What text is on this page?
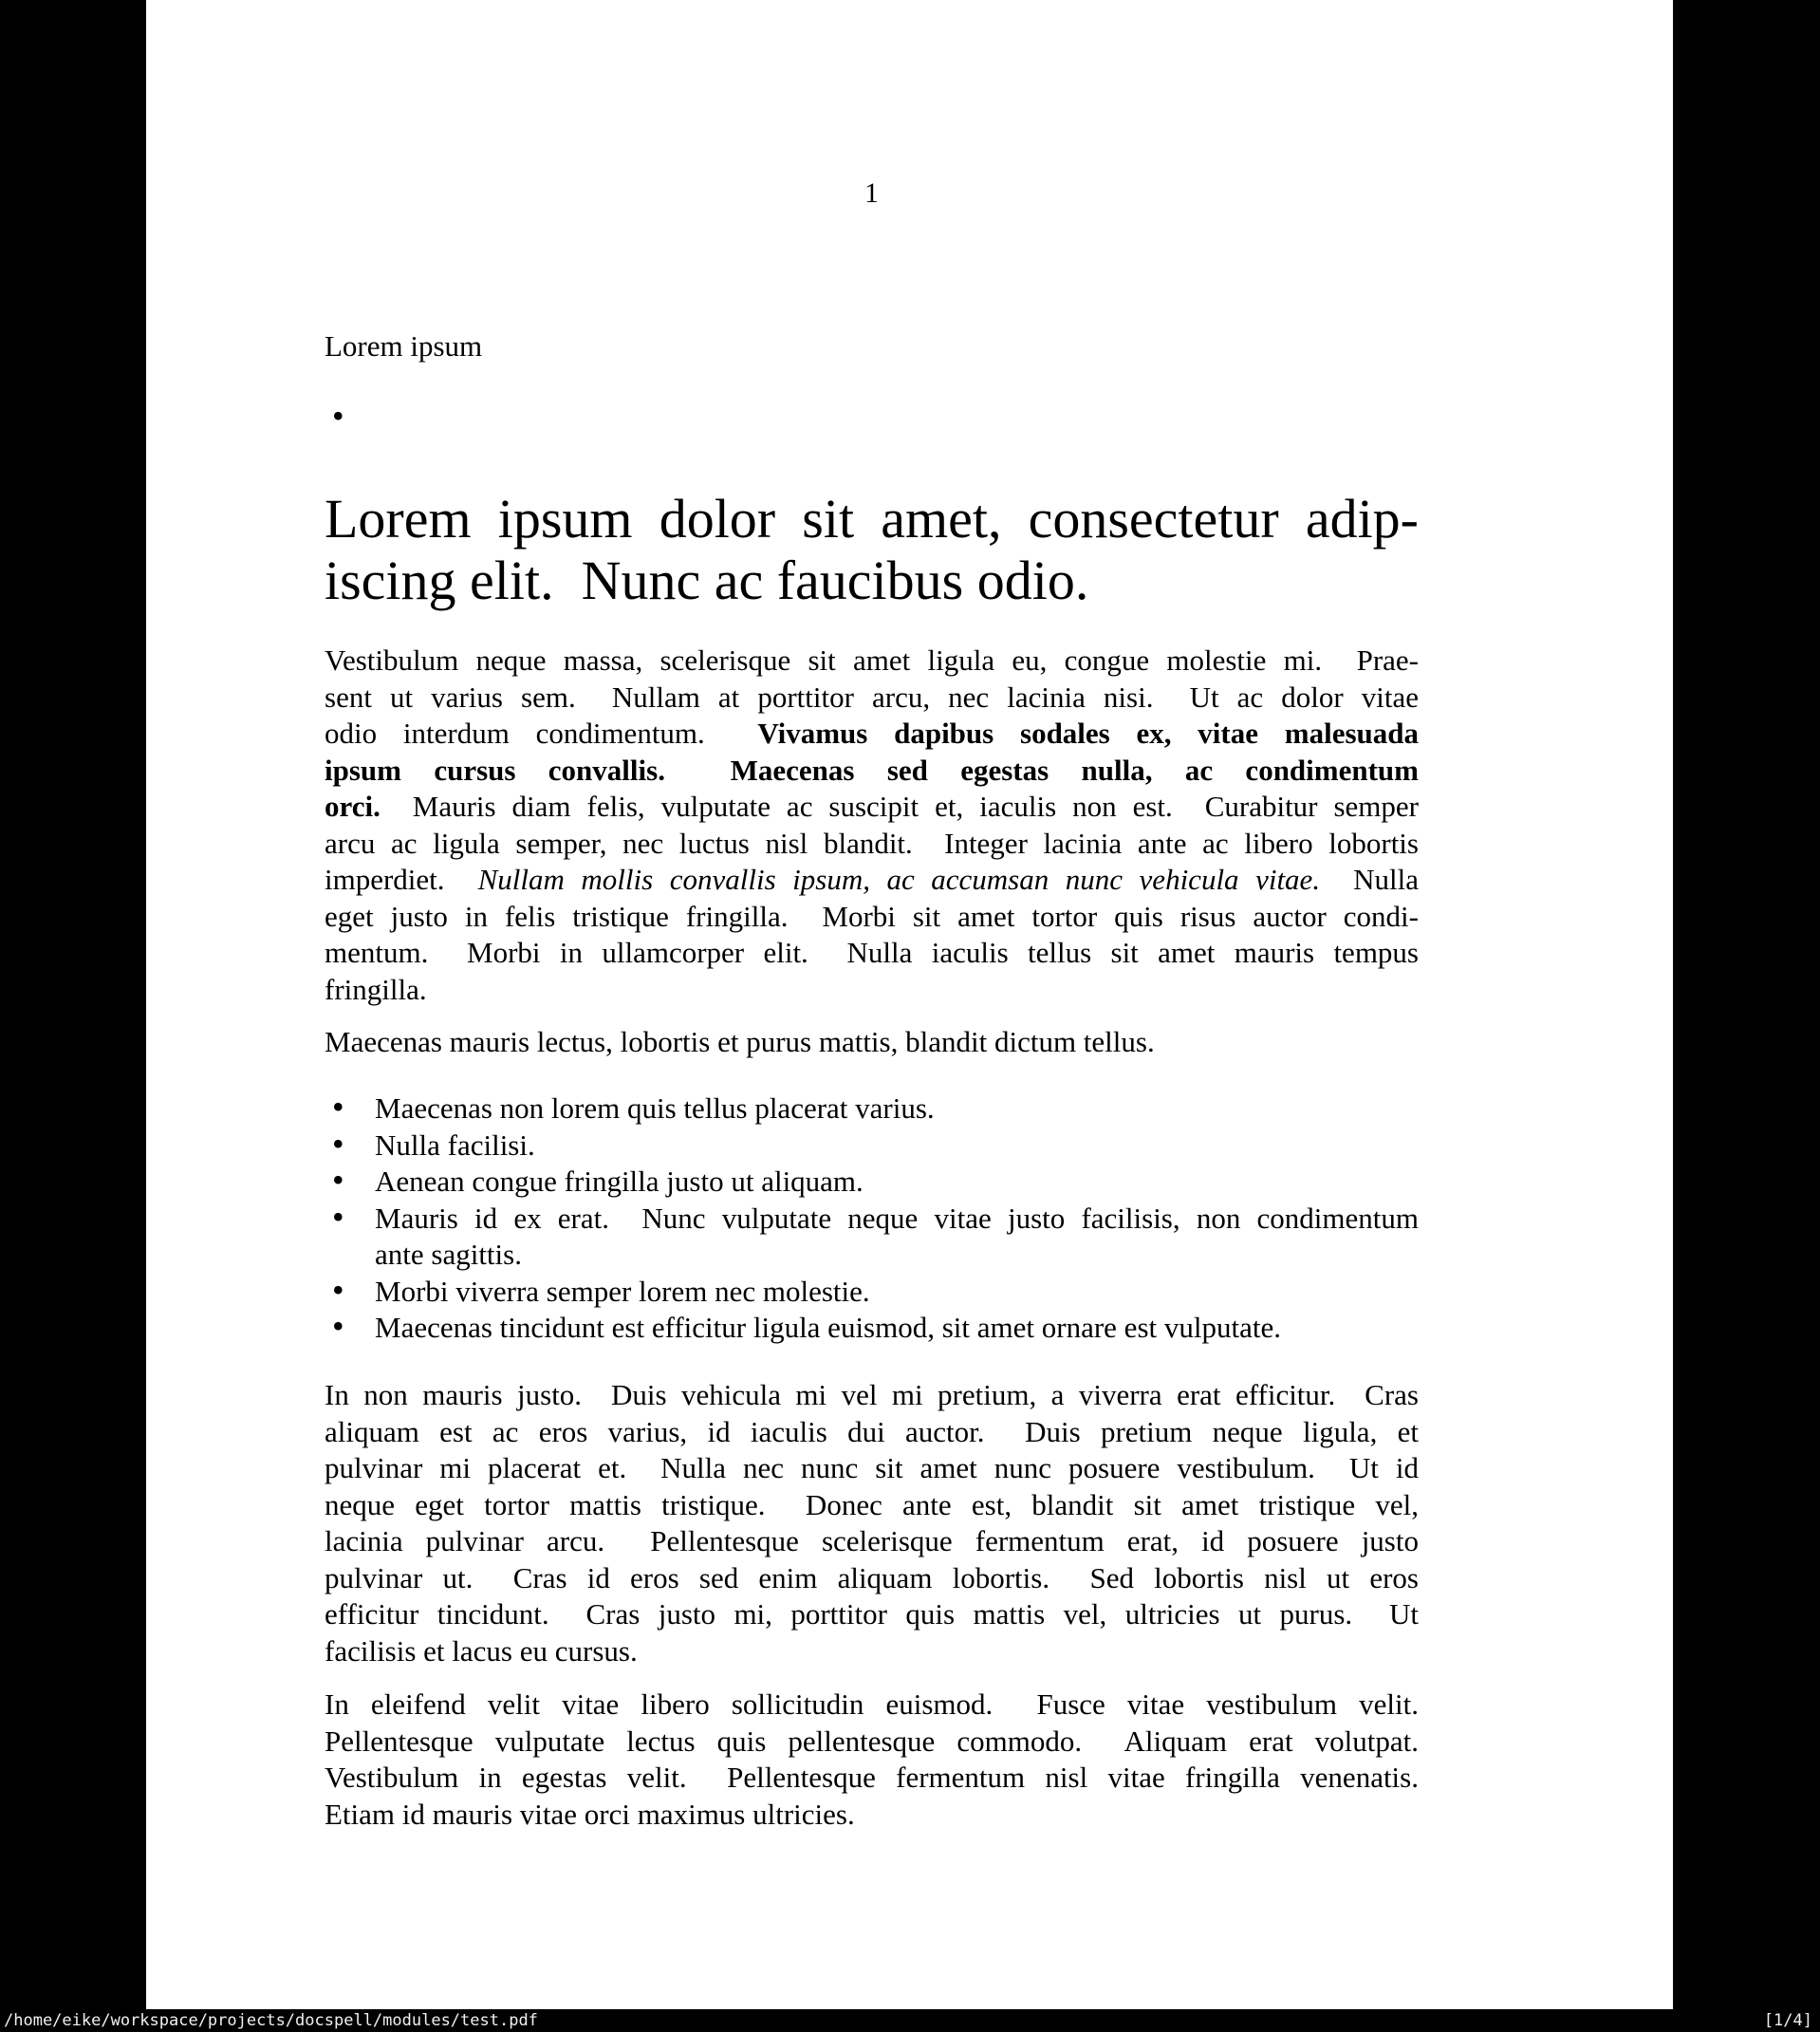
1
Lorem ipsum
•
Lorem ipsum dolor sit amet, consectetur adip-
iscing elit.  Nunc ac faucibus odio.
Vestibulum neque massa, scelerisque sit amet ligula eu, congue molestie mi.  Prae-
sent ut varius sem.  Nullam at porttitor arcu, nec lacinia nisi.  Ut ac dolor vitae
odio interdum condimentum.  Vivamus dapibus sodales ex, vitae malesuada
ipsum cursus convallis.  Maecenas sed egestas nulla, ac condimentum
orci.  Mauris diam felis, vulputate ac suscipit et, iaculis non est.  Curabitur semper
arcu ac ligula semper, nec luctus nisl blandit.  Integer lacinia ante ac libero lobortis
imperdiet.  Nullam mollis convallis ipsum, ac accumsan nunc vehicula vitae.  Nulla
eget justo in felis tristique fringilla.  Morbi sit amet tortor quis risus auctor condi-
mentum.  Morbi in ullamcorper elit.  Nulla iaculis tellus sit amet mauris tempus
fringilla.
Maecenas mauris lectus, lobortis et purus mattis, blandit dictum tellus.
• Maecenas non lorem quis tellus placerat varius.
• Nulla facilisi.
• Aenean congue fringilla justo ut aliquam.
• Mauris id ex erat.  Nunc vulputate neque vitae justo facilisis, non condimentum
ante sagittis.
• Morbi viverra semper lorem nec molestie.
• Maecenas tincidunt est efficitur ligula euismod, sit amet ornare est vulputate.
In non mauris justo.  Duis vehicula mi vel mi pretium, a viverra erat efficitur.  Cras
aliquam est ac eros varius, id iaculis dui auctor.  Duis pretium neque ligula, et
pulvinar mi placerat et.  Nulla nec nunc sit amet nunc posuere vestibulum.  Ut id
neque eget tortor mattis tristique.  Donec ante est, blandit sit amet tristique vel,
lacinia pulvinar arcu.  Pellentesque scelerisque fermentum erat, id posuere justo
pulvinar ut.  Cras id eros sed enim aliquam lobortis.  Sed lobortis nisl ut eros
efficitur tincidunt.  Cras justo mi, porttitor quis mattis vel, ultricies ut purus.  Ut
facilisis et lacus eu cursus.
In eleifend velit vitae libero sollicitudin euismod.  Fusce vitae vestibulum velit.
Pellentesque vulputate lectus quis pellentesque commodo.  Aliquam erat volutpat.
Vestibulum in egestas velit.  Pellentesque fermentum nisl vitae fringilla venenatis.
Etiam id mauris vitae orci maximus ultricies.
/home/eike/workspace/projects/docspell/modules/test.pdf	[1/4]
